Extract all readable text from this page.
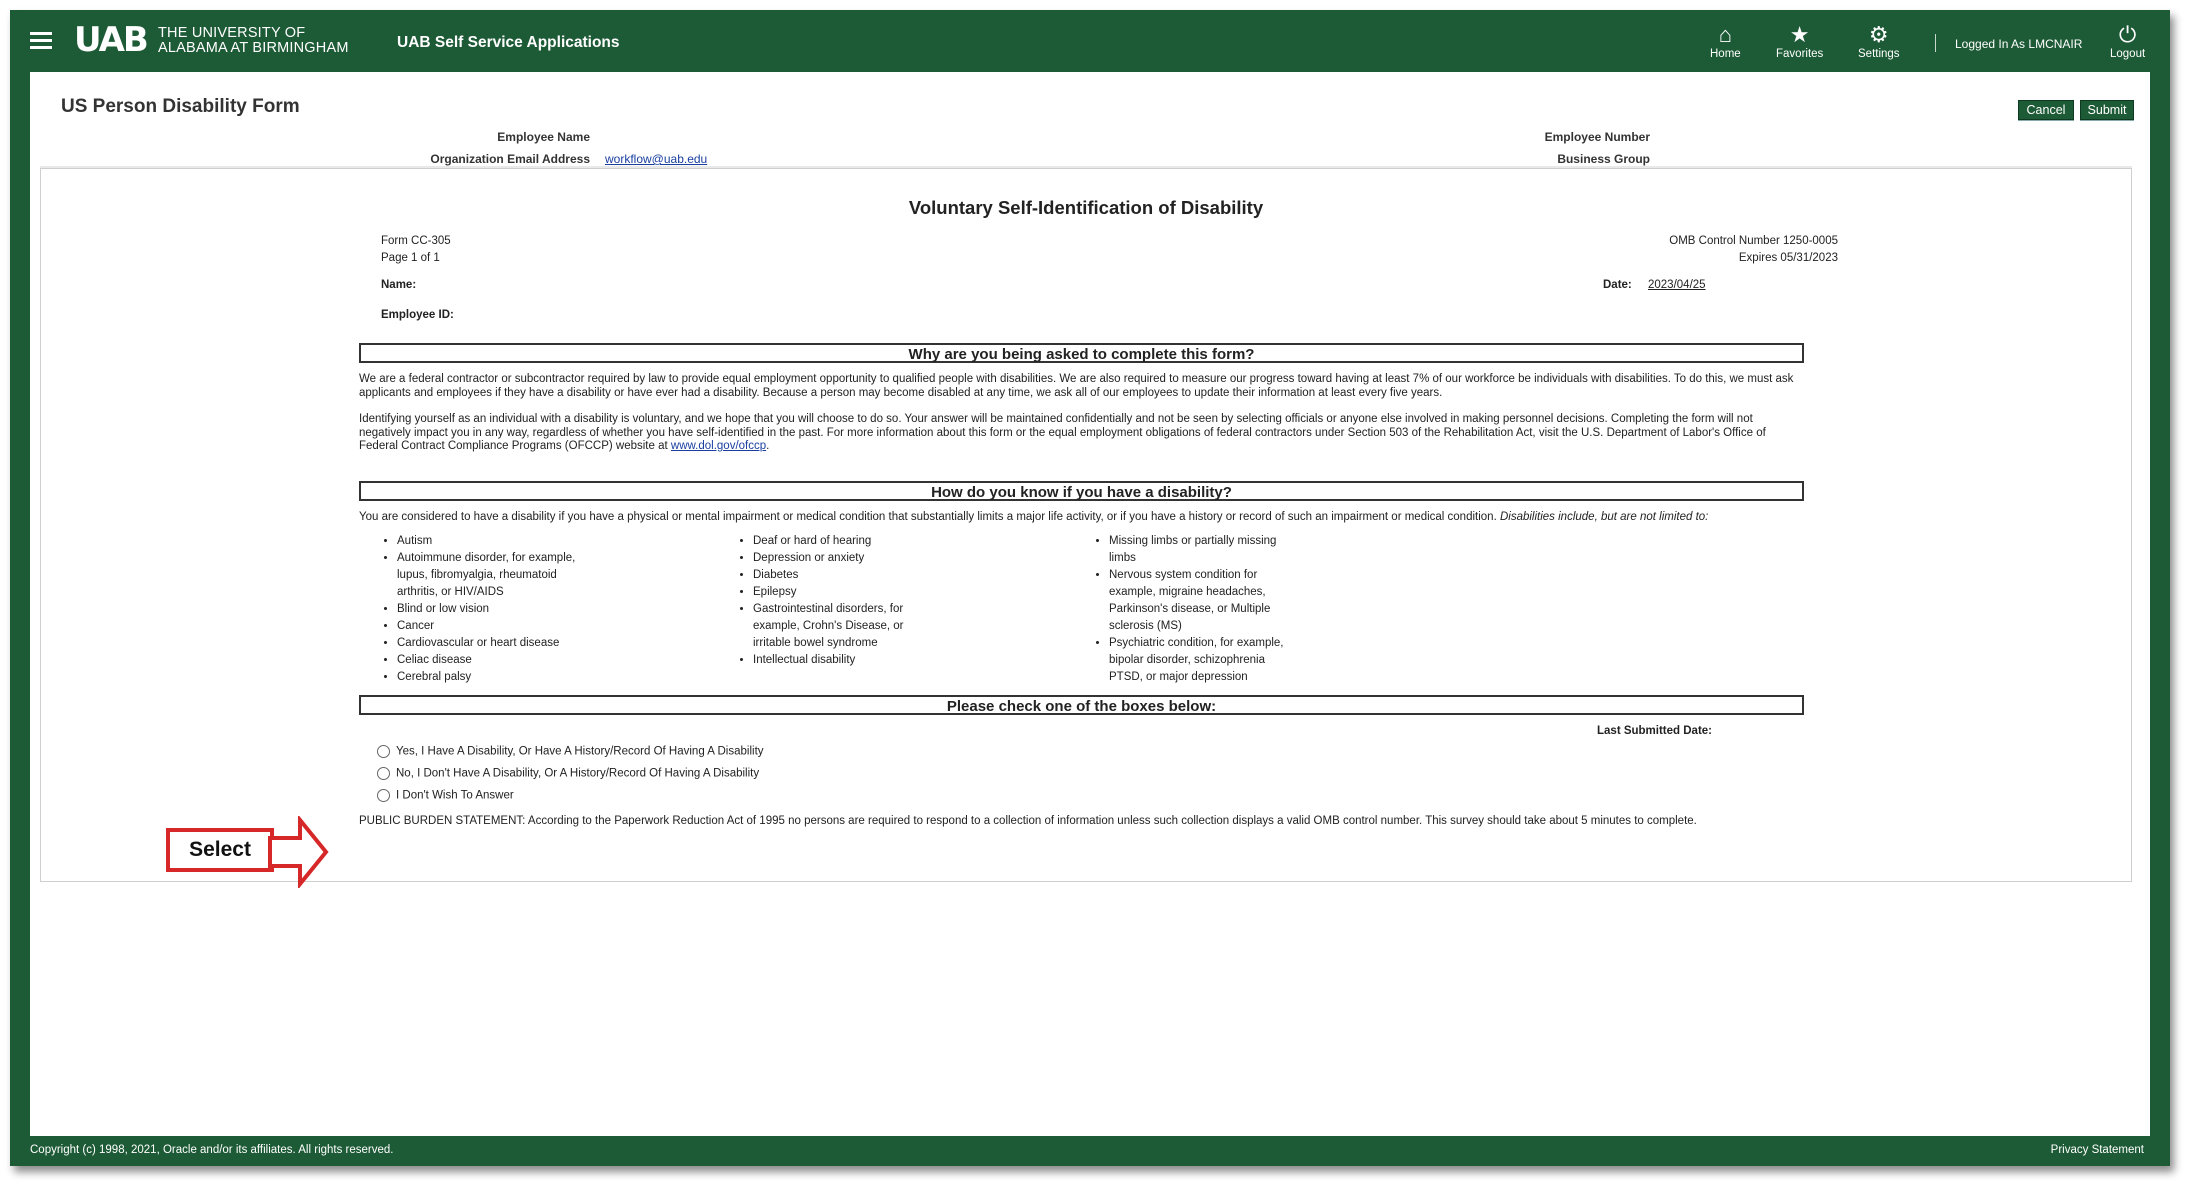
UAB THE UNIVERSITY OF
ALABAMA AT BIRMINGHAM	UAB Self Service Applications	⌂
Home
★
Favorites
⚙
Settings
Logged In As LMCNAIR	⏻
Logout
US Person Disability Form	Cancel	Submit
Employee Name
Organization Email Address workflow@uab.edu
Employee Number
Business Group
Voluntary Self-Identification of Disability
Form CC-305
Page 1 of 1
OMB Control Number 1250-0005
Expires 05/31/2023
Name:	Date: 2023/04/25
Employee ID:
Why are you being asked to complete this form?
We are a federal contractor or subcontractor required by law to provide equal employment opportunity to qualified people with disabilities. We are also required to measure our progress toward having at least 7% of our workforce be individuals with disabilities. To do this, we must ask applicants and employees if they have a disability or have ever had a disability. Because a person may become disabled at any time, we ask all of our employees to update their information at least every five years.
Identifying yourself as an individual with a disability is voluntary, and we hope that you will choose to do so. Your answer will be maintained confidentially and not be seen by selecting officials or anyone else involved in making personnel decisions. Completing the form will not negatively impact you in any way, regardless of whether you have self-identified in the past. For more information about this form or the equal employment obligations of federal contractors under Section 503 of the Rehabilitation Act, visit the U.S. Department of Labor's Office of Federal Contract Compliance Programs (OFCCP) website at www.dol.gov/ofccp.
How do you know if you have a disability?
You are considered to have a disability if you have a physical or mental impairment or medical condition that substantially limits a major life activity, or if you have a history or record of such an impairment or medical condition. Disabilities include, but are not limited to:
• Autism
• Autoimmune disorder, for example, lupus, fibromyalgia, rheumatoid arthritis, or HIV/AIDS
• Blind or low vision
• Cancer
• Cardiovascular or heart disease
• Celiac disease
• Cerebral palsy
• Deaf or hard of hearing
• Depression or anxiety
• Diabetes
• Epilepsy
• Gastrointestinal disorders, for example, Crohn's Disease, or irritable bowel syndrome
• Intellectual disability
• Missing limbs or partially missing limbs
• Nervous system condition for example, migraine headaches, Parkinson's disease, or Multiple sclerosis (MS)
• Psychiatric condition, for example, bipolar disorder, schizophrenia PTSD, or major depression
Please check one of the boxes below:
Last Submitted Date:
Yes, I Have A Disability, Or Have A History/Record Of Having A Disability
No, I Don't Have A Disability, Or A History/Record Of Having A Disability
I Don't Wish To Answer
PUBLIC BURDEN STATEMENT: According to the Paperwork Reduction Act of 1995 no persons are required to respond to a collection of information unless such collection displays a valid OMB control number. This survey should take about 5 minutes to complete.
Copyright (c) 1998, 2021, Oracle and/or its affiliates. All rights reserved.	Privacy Statement
Select
